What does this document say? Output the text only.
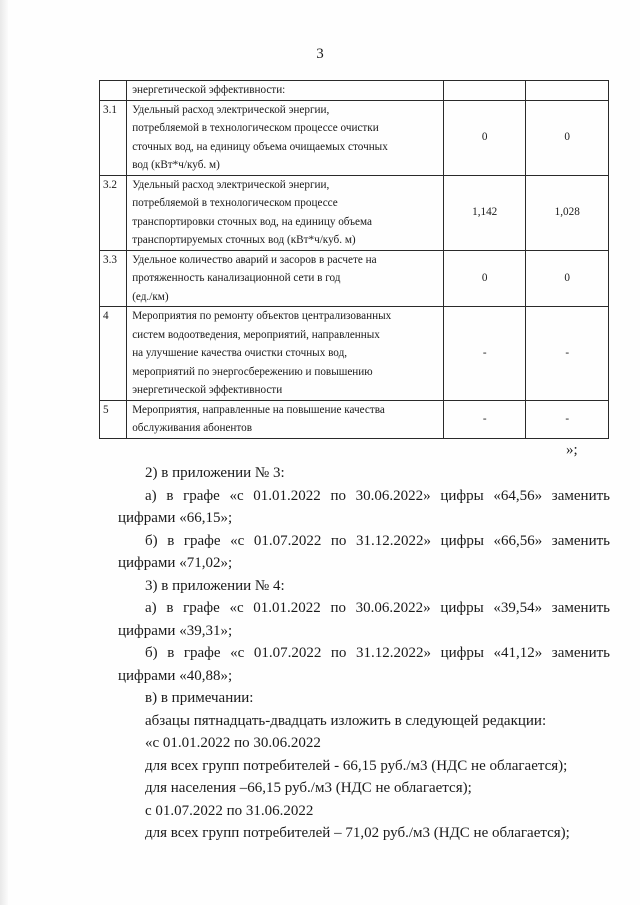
3

	энергетической эффективности:		

3.1	Удельный расход электрической энергии,
потребляемой в технологическом процессе очистки
сточных вод, на единицу объема очищаемых сточных
вод (кВт*ч/куб. м)	0	0
3.2	Удельный расход электрической энергии,
потребляемой в технологическом процессе
транспортировки сточных вод, на единицу объема
транспортируемых сточных вод (кВт*ч/куб. м)	1,142	1,028
3.3	Удельное количество аварий и засоров в расчете на
протяженность канализационной сети в год
(ед./км)	0	0
4	Мероприятия по ремонту объектов централизованных
систем водоотведения, мероприятий, направленных
на улучшение качества очистки сточных вод,
мероприятий по энергосбережению и повышению
энергетической эффективности	-	-
5	Мероприятия, направленные на повышение качества
обслуживания абонентов	-	-
»;

2) в приложении № 3:

а) в графе «с 01.01.2022 по 30.06.2022» цифры «64,56» заменить

цифрами «66,15»;

б) в графе «с 01.07.2022 по 31.12.2022» цифры «66,56» заменить

цифрами «71,02»;

3) в приложении № 4:

а) в графе «с 01.01.2022 по 30.06.2022» цифры «39,54» заменить

цифрами «39,31»;

б) в графе «с 01.07.2022 по 31.12.2022» цифры «41,12» заменить

цифрами «40,88»;

в) в примечании:

абзацы пятнадцать-двадцать изложить в следующей редакции:

«с 01.01.2022 по 30.06.2022

для всех групп потребителей - 66,15 руб./м3 (НДС не облагается);

для населения –66,15 руб./м3 (НДС не облагается);

с 01.07.2022 по 31.06.2022

для всех групп потребителей – 71,02 руб./м3 (НДС не облагается);
